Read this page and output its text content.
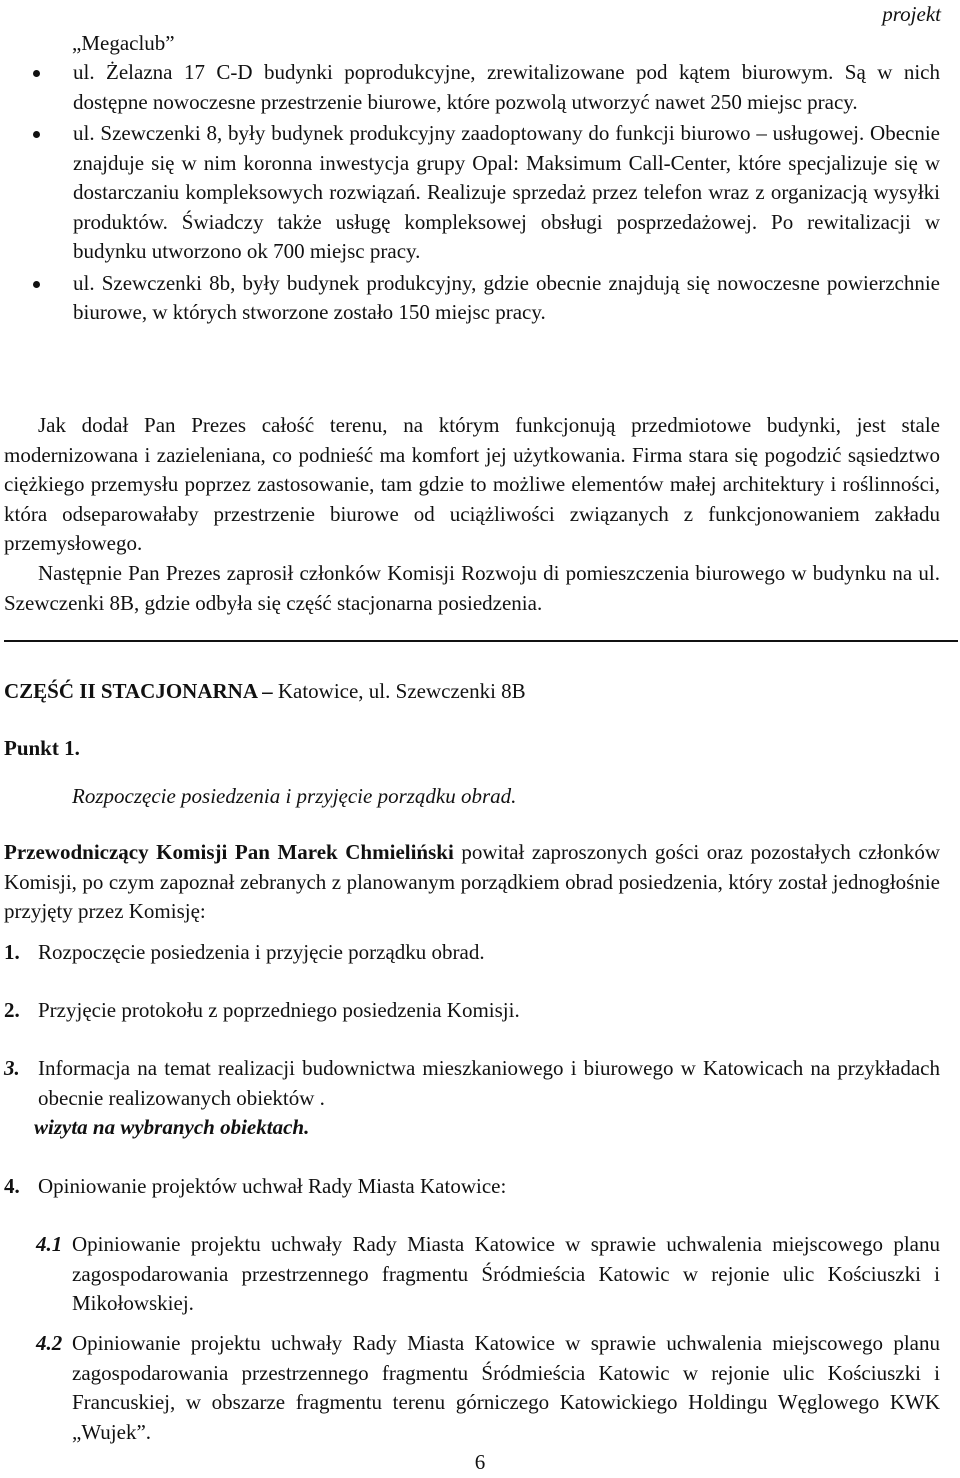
projekt
„Megaclub”

ul. Żelazna 17 C-D budynki poprodukcyjne, zrewitalizowane pod kątem biurowym. Są w nich dostępne nowoczesne przestrzenie biurowe, które pozwolą utworzyć nawet 250 miejsc pracy.

ul. Szewczenki 8, były budynek produkcyjny zaadoptowany do funkcji biurowo – usługowej. Obecnie znajduje się w nim koronna inwestycja grupy Opal: Maksimum Call-Center, które specjalizuje się w dostarczaniu kompleksowych rozwiązań. Realizuje sprzedaż przez telefon wraz z organizacją wysyłki produktów. Świadczy także usługę kompleksowej obsługi posprzedażowej. Po rewitalizacji w budynku utworzono ok 700 miejsc pracy.

ul. Szewczenki 8b, były budynek produkcyjny, gdzie obecnie znajdują się nowoczesne powierzchnie biurowe, w których stworzone zostało 150 miejsc pracy.

Jak dodał Pan Prezes całość terenu, na którym funkcjonują przedmiotowe budynki, jest stale modernizowana i zazieleniana, co podnieść ma komfort jej użytkowania. Firma stara się pogodzić sąsiedztwo ciężkiego przemysłu poprzez zastosowanie, tam gdzie to możliwe elementów małej architektury i roślinności, która odseparowałaby przestrzenie biurowe od uciążliwości związanych z funkcjonowaniem zakładu przemysłowego.

Następnie Pan Prezes zaprosił członków Komisji Rozwoju di pomieszczenia biurowego w budynku na ul. Szewczenki 8B, gdzie odbyła się część stacjonarna posiedzenia.

CZĘŚĆ II STACJONARNA – Katowice, ul. Szewczenki 8B
Punkt 1.
Rozpoczęcie posiedzenia i przyjęcie porządku obrad.

Przewodniczący Komisji Pan Marek Chmieliński powitał zaproszonych gości oraz pozostałych członków Komisji, po czym zapoznał zebranych z planowanym porządkiem obrad posiedzenia, który został jednogłośnie przyjęty przez Komisję:

1. Rozpoczęcie posiedzenia i przyjęcie porządku obrad.

2. Przyjęcie protokołu z poprzedniego posiedzenia Komisji.

3. Informacja na temat realizacji budownictwa mieszkaniowego i biurowego w Katowicach na przykładach obecnie realizowanych obiektów .

wizyta na wybranych obiektach.

4. Opiniowanie projektów uchwał Rady Miasta Katowice:

4.1 Opiniowanie projektu uchwały Rady Miasta Katowice w sprawie uchwalenia miejscowego planu zagospodarowania przestrzennego fragmentu Śródmieścia Katowic w rejonie ulic Kościuszki i Mikołowskiej.

4.2 Opiniowanie projektu uchwały Rady Miasta Katowice w sprawie uchwalenia miejscowego planu zagospodarowania przestrzennego fragmentu Śródmieścia Katowic w rejonie ulic Kościuszki i Francuskiej, w obszarze fragmentu terenu górniczego Katowickiego Holdingu Węglowego KWK „Wujek”.

6
